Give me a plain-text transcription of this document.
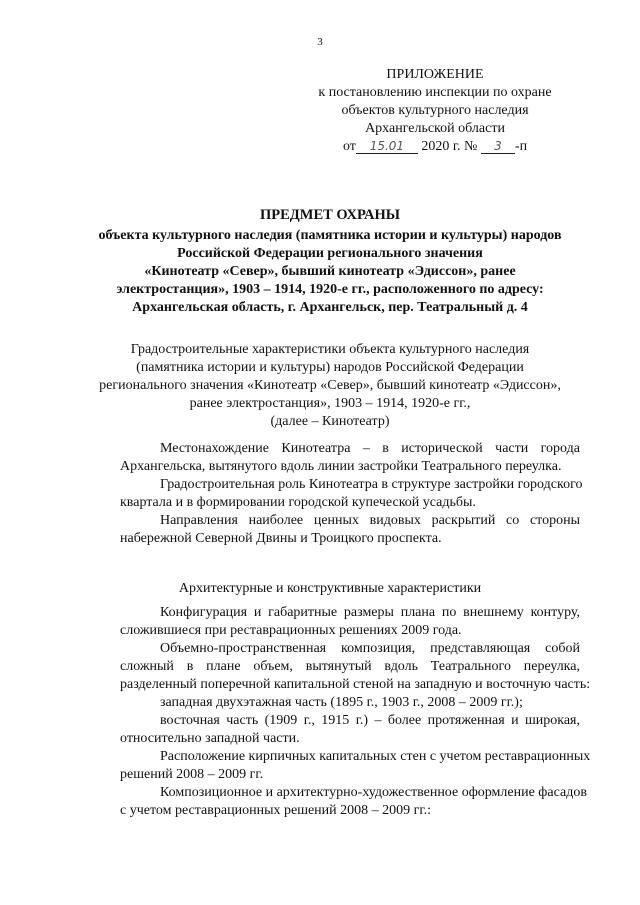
3
ПРИЛОЖЕНИЕ
к постановлению инспекции по охране
объектов культурного наследия
Архангельской области
от 15.01 2020 г. № 3 -п
ПРЕДМЕТ ОХРАНЫ
объекта культурного наследия (памятника истории и культуры) народов
Российской Федерации регионального значения
«Кинотеатр «Север», бывший кинотеатр «Эдиссон», ранее
электростанция», 1903 – 1914, 1920-е гг., расположенного по адресу:
Архангельская область, г. Архангельск, пер. Театральный д. 4
Градостроительные характеристики объекта культурного наследия
(памятника истории и культуры) народов Российской Федерации
регионального значения «Кинотеатр «Север», бывший кинотеатр «Эдиссон»,
ранее электростанция», 1903 – 1914, 1920-е гг.,
(далее – Кинотеатр)

Местонахождение Кинотеатра – в исторической части города
Архангельска, вытянутого вдоль линии застройки Театрального переулка.

Градостроительная роль Кинотеатра в структуре застройки городского
квартала и в формировании городской купеческой усадьбы.

Направления наиболее ценных видовых раскрытий со стороны
набережной Северной Двины и Троицкого проспекта.

Архитектурные и конструктивные характеристики

Конфигурация и габаритные размеры плана по внешнему контуру,
сложившиеся при реставрационных решениях 2009 года.

Объемно-пространственная композиция, представляющая собой
сложный в плане объем, вытянутый вдоль Театрального переулка,
разделенный поперечной капитальной стеной на западную и восточную часть:

западная двухэтажная часть (1895 г., 1903 г., 2008 – 2009 гг.);

восточная часть (1909 г., 1915 г.) – более протяженная и широкая,
относительно западной части.

Расположение кирпичных капитальных стен с учетом реставрационных
решений 2008 – 2009 гг.

Композиционное и архитектурно-художественное оформление фасадов
с учетом реставрационных решений 2008 – 2009 гг.:
